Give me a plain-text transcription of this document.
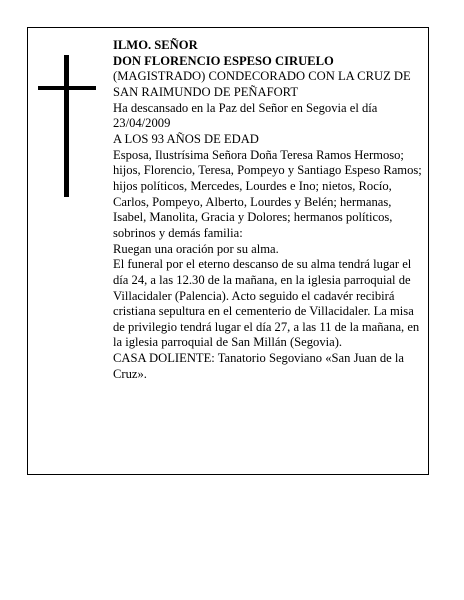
ILMO. SEÑOR

DON FLORENCIO ESPESO CIRUELO

(MAGISTRADO) CONDECORADO CON LA CRUZ DE SAN RAIMUNDO DE PEÑAFORT

Ha descansado en la Paz del Señor en Segovia el día 23/04/2009

A LOS 93 AÑOS DE EDAD

Esposa, Ilustrísima Señora Doña Teresa Ramos Hermoso; hijos, Florencio, Teresa, Pompeyo y Santiago Espeso Ramos; hijos políticos, Mercedes, Lourdes e Ino; nietos, Rocío, Carlos, Pompeyo, Alberto, Lourdes y Belén; hermanas, Isabel, Manolita, Gracia y Dolores; hermanos políticos, sobrinos y demás familia:

Ruegan una oración por su alma.

El funeral por el eterno descanso de su alma tendrá lugar el día 24, a las 12.30 de la mañana, en la iglesia parroquial de Villacidaler (Palencia). Acto seguido el cadavér recibirá cristiana sepultura en el cementerio de Villacidaler. La misa de privilegio tendrá lugar el día 27, a las 11 de la mañana, en la iglesia parroquial de San Millán (Segovia).

CASA DOLIENTE: Tanatorio Segoviano «San Juan de la Cruz».
